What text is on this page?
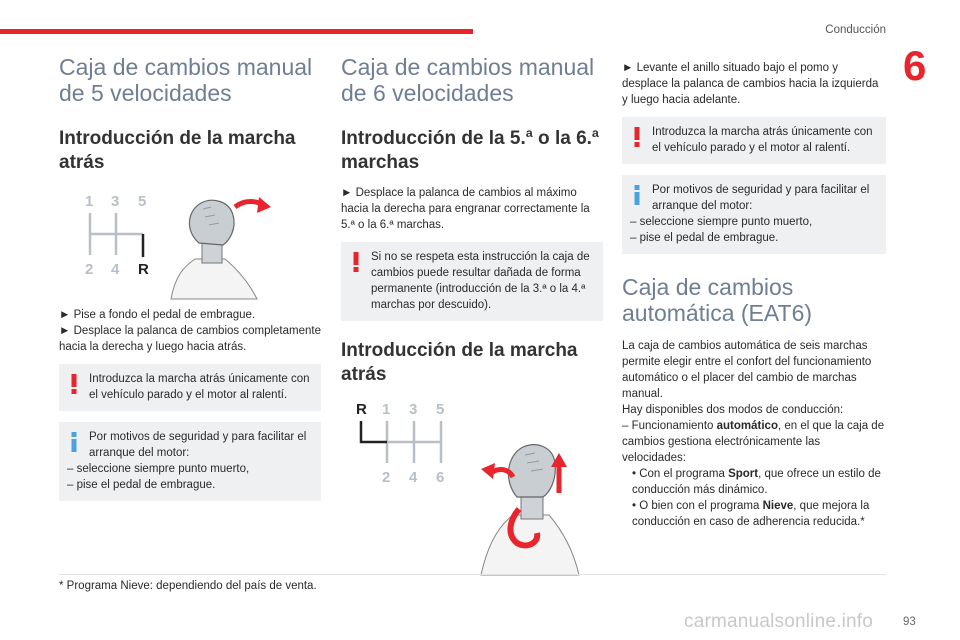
Conducción
6
Caja de cambios manual de 5 velocidades
Introducción de la marcha atrás
1 3 5
2 4 R
► Pise a fondo el pedal de embrague.
► Desplace la palanca de cambios completamente hacia la derecha y luego hacia atrás.
Introduzca la marcha atrás únicamente con el vehículo parado y el motor al ralentí.
Por motivos de seguridad y para facilitar el arranque del motor:
– seleccione siempre punto muerto,
– pise el pedal de embrague.
Caja de cambios manual de 6 velocidades
Introducción de la 5.ª o la 6.ª marchas
► Desplace la palanca de cambios al máximo hacia la derecha para engranar correctamente la 5.ª o la 6.ª marchas.
Si no se respeta esta instrucción la caja de cambios puede resultar dañada de forma permanente (introducción de la 3.ª o la 4.ª marchas por descuido).
Introducción de la marcha atrás
R 1 3 5
2 4 6
► Levante el anillo situado bajo el pomo y desplace la palanca de cambios hacia la izquierda y luego hacia adelante.
Introduzca la marcha atrás únicamente con el vehículo parado y el motor al ralentí.
Por motivos de seguridad y para facilitar el arranque del motor:
– seleccione siempre punto muerto,
– pise el pedal de embrague.
Caja de cambios automática (EAT6)
La caja de cambios automática de seis marchas permite elegir entre el confort del funcionamiento automático o el placer del cambio de marchas manual.
Hay disponibles dos modos de conducción:
– Funcionamiento automático, en el que la caja de cambios gestiona electrónicamente las velocidades:
• Con el programa Sport, que ofrece un estilo de conducción más dinámico.
• O bien con el programa Nieve, que mejora la conducción en caso de adherencia reducida.*
* Programa Nieve: dependiendo del país de venta.
carmanualsonline.info	93
